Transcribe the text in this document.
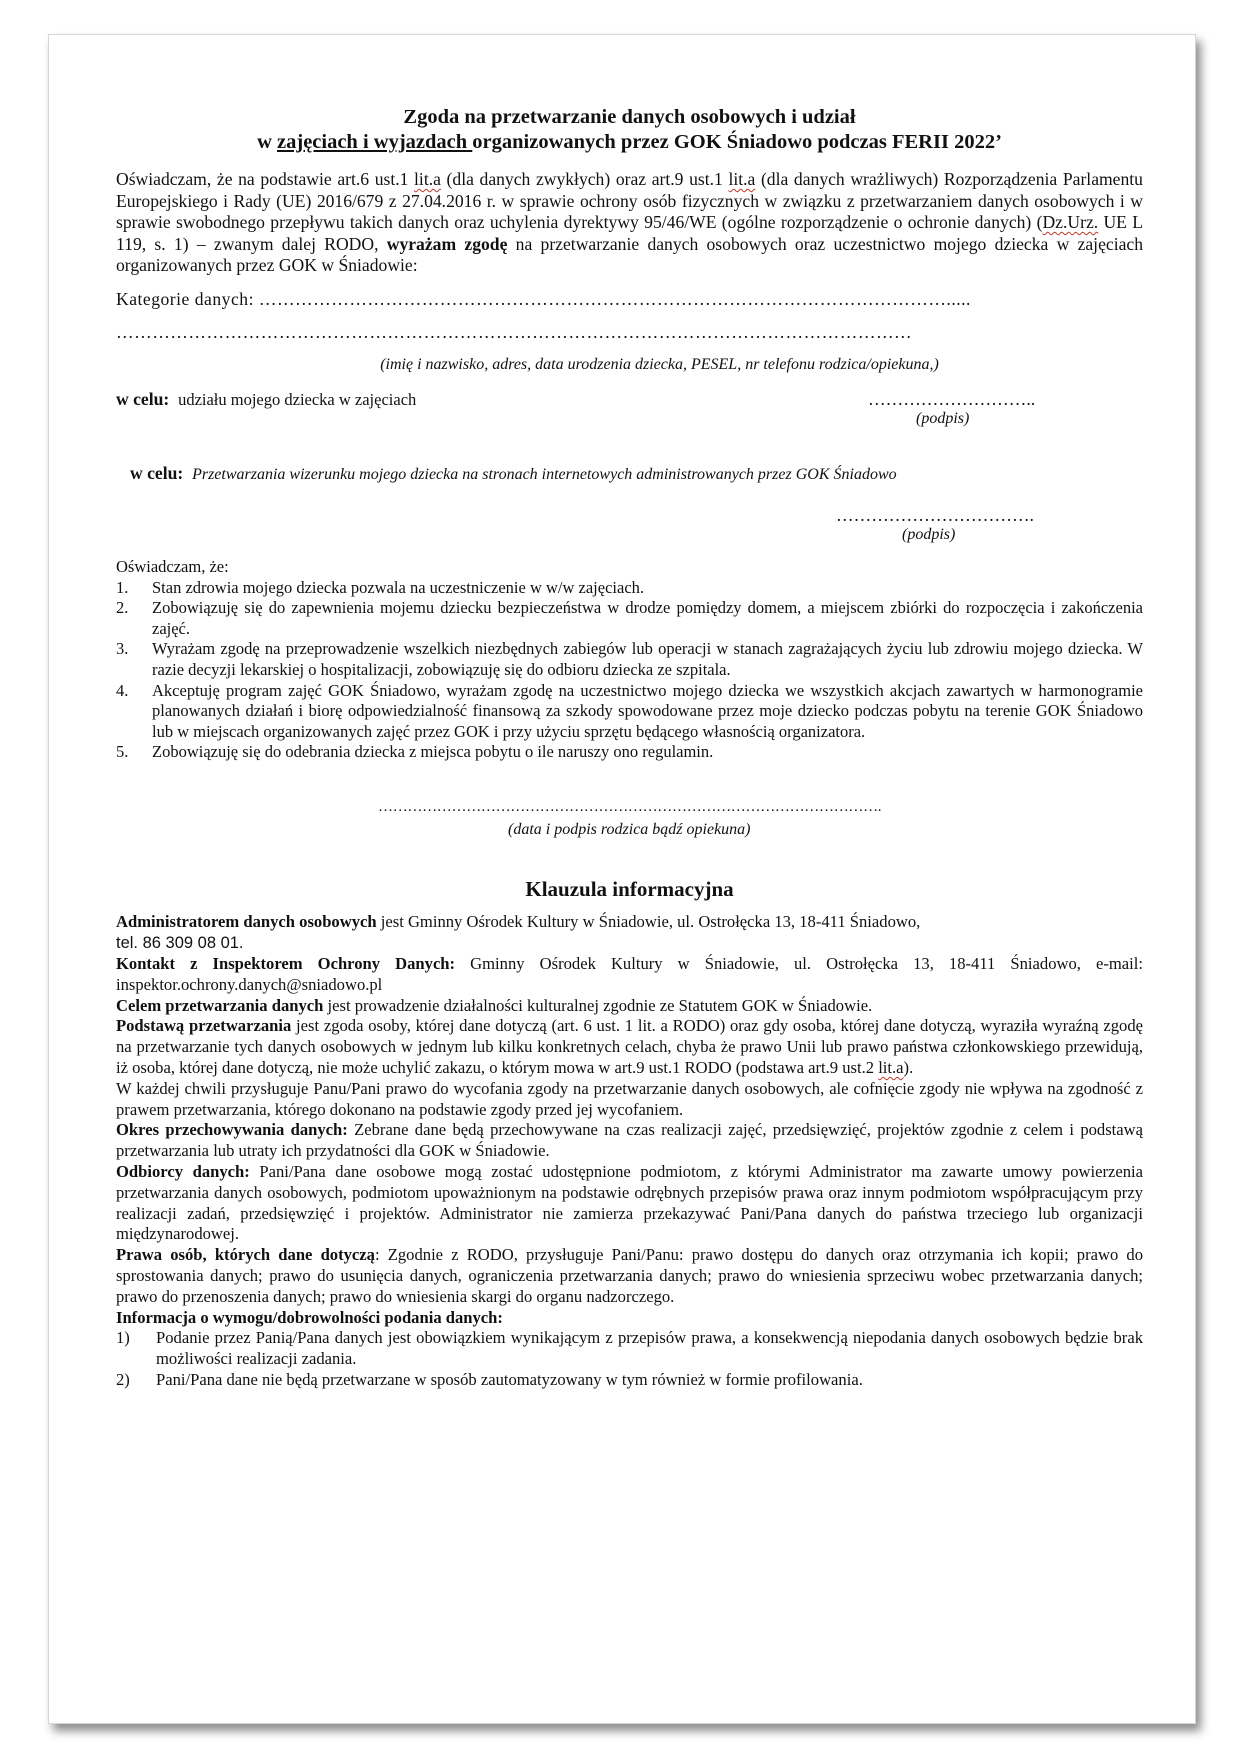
Zgoda na przetwarzanie danych osobowych i udział
w zajęciach i wyjazdach organizowanych przez GOK Śniadowo podczas FERII 2022’

Oświadczam, że na podstawie art.6 ust.1 lit.a (dla danych zwykłych) oraz art.9 ust.1 lit.a (dla danych wrażliwych) Rozporządzenia Parlamentu Europejskiego i Rady (UE) 2016/679 z 27.04.2016 r. w sprawie ochrony osób fizycznych w związku z przetwarzaniem danych osobowych i w sprawie swobodnego przepływu takich danych oraz uchylenia dyrektywy 95/46/WE (ogólne rozporządzenie o ochronie danych) (Dz.Urz. UE L 119, s. 1) – zwanym dalej RODO, wyrażam zgodę na przetwarzanie danych osobowych oraz uczestnictwo mojego dziecka w zajęciach organizowanych przez GOK w Śniadowie:

Kategorie danych: …………………………………………………………………………………………………….....
……………………………………………………………………………………………………………………
(imię i nazwisko, adres, data urodzenia dziecka, PESEL, nr telefonu rodzica/opiekuna,)
w celu: udziału mojego dziecka w zajęciach	………………………..
(podpis)
w celu: Przetwarzania wizerunku mojego dziecka na stronach internetowych administrowanych przez GOK Śniadowo
…………………………….
(podpis)
Oświadczam, że:
1. Stan zdrowia mojego dziecka pozwala na uczestniczenie w w/w zajęciach.
2. Zobowiązuję się do zapewnienia mojemu dziecku bezpieczeństwa w drodze pomiędzy domem, a miejscem zbiórki do rozpoczęcia i zakończenia zajęć.
3. Wyrażam zgodę na przeprowadzenie wszelkich niezbędnych zabiegów lub operacji w stanach zagrażających życiu lub zdrowiu mojego dziecka. W razie decyzji lekarskiej o hospitalizacji, zobowiązuję się do odbioru dziecka ze szpitala.
4. Akceptuję program zajęć GOK Śniadowo, wyrażam zgodę na uczestnictwo mojego dziecka we wszystkich akcjach zawartych w harmonogramie planowanych działań i biorę odpowiedzialność finansową za szkody spowodowane przez moje dziecko podczas pobytu na terenie GOK Śniadowo lub w miejscach organizowanych zajęć przez GOK i przy użyciu sprzętu będącego własnością organizatora.
5. Zobowiązuję się do odebrania dziecka z miejsca pobytu o ile naruszy ono regulamin.
………………………………………………………………………………………….
(data i podpis rodzica bądź opiekuna)
Klauzula informacyjna

Administratorem danych osobowych jest Gminny Ośrodek Kultury w Śniadowie, ul. Ostrołęcka 13, 18-411 Śniadowo,
tel. 86 309 08 01.

Kontakt z Inspektorem Ochrony Danych: Gminny Ośrodek Kultury w Śniadowie, ul. Ostrołęcka 13, 18-411 Śniadowo, e-mail: inspektor.ochrony.danych@sniadowo.pl

Celem przetwarzania danych jest prowadzenie działalności kulturalnej zgodnie ze Statutem GOK w Śniadowie.

Podstawą przetwarzania jest zgoda osoby, której dane dotyczą (art. 6 ust. 1 lit. a RODO) oraz gdy osoba, której dane dotyczą, wyraziła wyraźną zgodę na przetwarzanie tych danych osobowych w jednym lub kilku konkretnych celach, chyba że prawo Unii lub prawo państwa członkowskiego przewidują, iż osoba, której dane dotyczą, nie może uchylić zakazu, o którym mowa w art.9 ust.1 RODO (podstawa art.9 ust.2 lit.a).

W każdej chwili przysługuje Panu/Pani prawo do wycofania zgody na przetwarzanie danych osobowych, ale cofnięcie zgody nie wpływa na zgodność z prawem przetwarzania, którego dokonano na podstawie zgody przed jej wycofaniem.

Okres przechowywania danych: Zebrane dane będą przechowywane na czas realizacji zajęć, przedsięwzięć, projektów zgodnie z celem i podstawą przetwarzania lub utraty ich przydatności dla GOK w Śniadowie.

Odbiorcy danych: Pani/Pana dane osobowe mogą zostać udostępnione podmiotom, z którymi Administrator ma zawarte umowy powierzenia przetwarzania danych osobowych, podmiotom upoważnionym na podstawie odrębnych przepisów prawa oraz innym podmiotom współpracującym przy realizacji zadań, przedsięwzięć i projektów. Administrator nie zamierza przekazywać Pani/Pana danych do państwa trzeciego lub organizacji międzynarodowej.

Prawa osób, których dane dotyczą: Zgodnie z RODO, przysługuje Pani/Panu: prawo dostępu do danych oraz otrzymania ich kopii; prawo do sprostowania danych; prawo do usunięcia danych, ograniczenia przetwarzania danych; prawo do wniesienia sprzeciwu wobec przetwarzania danych; prawo do przenoszenia danych; prawo do wniesienia skargi do organu nadzorczego.

Informacja o wymogu/dobrowolności podania danych:

1) Podanie przez Panią/Pana danych jest obowiązkiem wynikającym z przepisów prawa, a konsekwencją niepodania danych osobowych będzie brak możliwości realizacji zadania.
2) Pani/Pana dane nie będą przetwarzane w sposób zautomatyzowany w tym również w formie profilowania.
